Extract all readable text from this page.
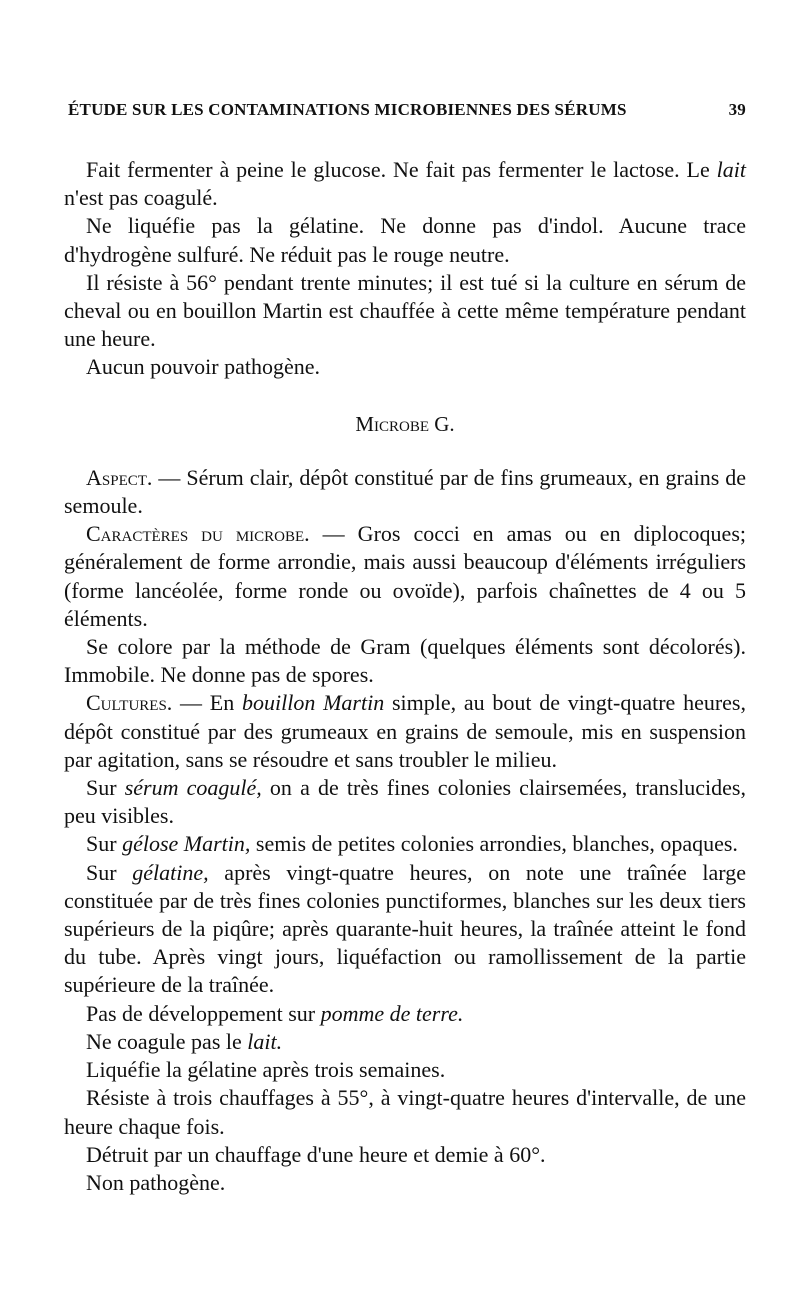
ÉTUDE SUR LES CONTAMINATIONS MICROBIENNES DES SÉRUMS	39

Fait fermenter à peine le glucose. Ne fait pas fermenter le lactose. Le lait n'est pas coagulé.

Ne liquéfie pas la gélatine. Ne donne pas d'indol. Aucune trace d'hydrogène sulfuré. Ne réduit pas le rouge neutre.

Il résiste à 56° pendant trente minutes; il est tué si la culture en sérum de cheval ou en bouillon Martin est chauffée à cette même température pendant une heure.

Aucun pouvoir pathogène.

Microbe G.

Aspect. — Sérum clair, dépôt constitué par de fins grumeaux, en grains de semoule.

Caractères du microbe. — Gros cocci en amas ou en diplocoques; généralement de forme arrondie, mais aussi beaucoup d'éléments irréguliers (forme lancéolée, forme ronde ou ovoïde), parfois chaînettes de 4 ou 5 éléments.

Se colore par la méthode de Gram (quelques éléments sont décolorés). Immobile. Ne donne pas de spores.

Cultures. — En bouillon Martin simple, au bout de vingt-quatre heures, dépôt constitué par des grumeaux en grains de semoule, mis en suspension par agitation, sans se résoudre et sans troubler le milieu.

Sur sérum coagulé, on a de très fines colonies clairsemées, translucides, peu visibles.

Sur gélose Martin, semis de petites colonies arrondies, blanches, opaques.

Sur gélatine, après vingt-quatre heures, on note une traînée large constituée par de très fines colonies punctiformes, blanches sur les deux tiers supérieurs de la piqûre; après quarante-huit heures, la traînée atteint le fond du tube. Après vingt jours, liquéfaction ou ramollissement de la partie supérieure de la traînée.

Pas de développement sur pomme de terre.

Ne coagule pas le lait.

Liquéfie la gélatine après trois semaines.

Résiste à trois chauffages à 55°, à vingt-quatre heures d'intervalle, de une heure chaque fois.

Détruit par un chauffage d'une heure et demie à 60°.

Non pathogène.
